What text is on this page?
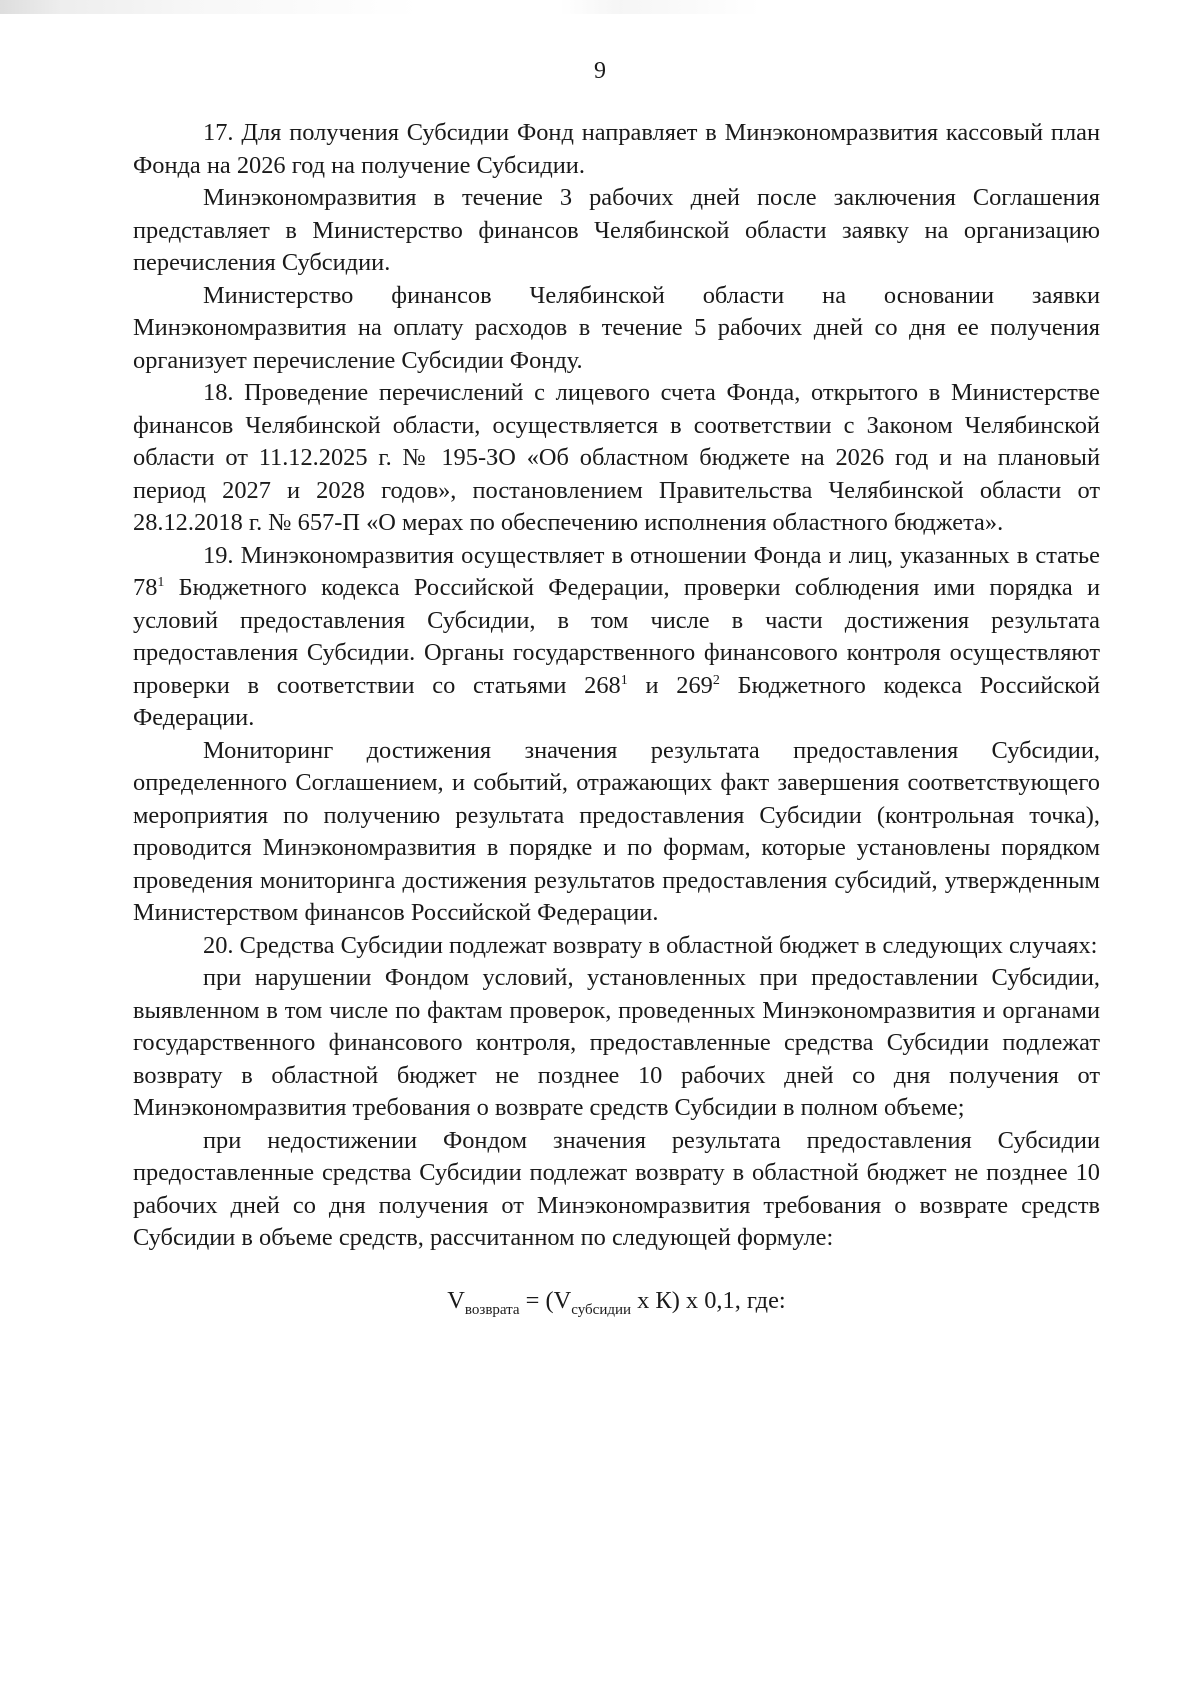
9

17. Для получения Субсидии Фонд направляет в Минэкономразвития кассовый план Фонда на 2026 год на получение Субсидии.

Минэкономразвития в течение 3 рабочих дней после заключения Соглашения представляет в Министерство финансов Челябинской области заявку на организацию перечисления Субсидии.

Министерство финансов Челябинской области на основании заявки Минэкономразвития на оплату расходов в течение 5 рабочих дней со дня ее получения организует перечисление Субсидии Фонду.

18. Проведение перечислений с лицевого счета Фонда, открытого в Министерстве финансов Челябинской области, осуществляется в соответствии с Законом Челябинской области от 11.12.2025 г. № 195-ЗО «Об областном бюджете на 2026 год и на плановый период 2027 и 2028 годов», постановлением Правительства Челябинской области от 28.12.2018 г. № 657-П «О мерах по обеспечению исполнения областного бюджета».

19. Минэкономразвития осуществляет в отношении Фонда и лиц, указанных в статье $78^1$ Бюджетного кодекса Российской Федерации, проверки соблюдения ими порядка и условий предоставления Субсидии, в том числе в части достижения результата предоставления Субсидии. Органы государственного финансового контроля осуществляют проверки в соответствии со статьями $268^1$ и $269^2$ Бюджетного кодекса Российской Федерации.

Мониторинг достижения значения результата предоставления Субсидии, определенного Соглашением, и событий, отражающих факт завершения соответствующего мероприятия по получению результата предоставления Субсидии (контрольная точка), проводится Минэкономразвития в порядке и по формам, которые установлены порядком проведения мониторинга достижения результатов предоставления субсидий, утвержденным Министерством финансов Российской Федерации.

20. Средства Субсидии подлежат возврату в областной бюджет в следующих случаях:

при нарушении Фондом условий, установленных при предоставлении Субсидии, выявленном в том числе по фактам проверок, проведенных Минэкономразвития и органами государственного финансового контроля, предоставленные средства Субсидии подлежат возврату в областной бюджет не позднее 10 рабочих дней со дня получения от Минэкономразвития требования о возврате средств Субсидии в полном объеме;

при недостижении Фондом значения результата предоставления Субсидии предоставленные средства Субсидии подлежат возврату в областной бюджет не позднее 10 рабочих дней со дня получения от Минэкономразвития требования о возврате средств Субсидии в объеме средств, рассчитанном по следующей формуле:

$V_{возврата} = (V_{субсидии}$ x К) x 0,1, где:
